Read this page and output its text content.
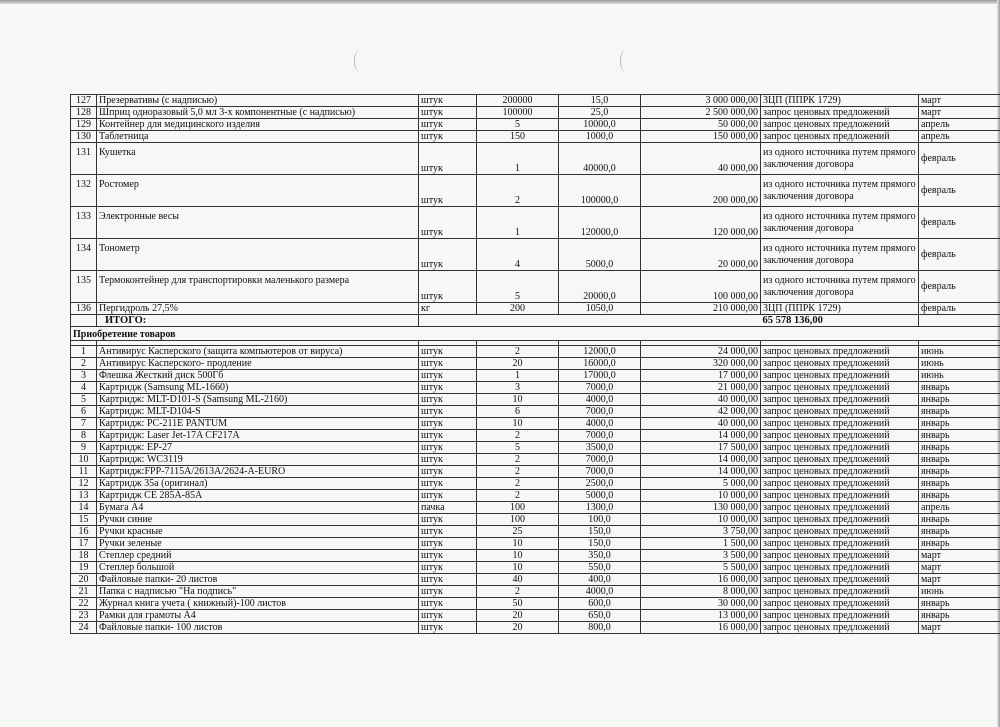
127	Презервативы (с надписью)	штук	200000	15,0	3 000 000,00	ЗЦП (ППРК 1729)	март
128	Шприц одноразовый 5,0 мл 3-х компонентные (с надписью)	штук	100000	25,0	2 500 000,00	запрос ценовых предложений	март
129	Контейнер для медицинского изделия	штук	5	10000,0	50 000,00	запрос ценовых предложений	апрель
130	Таблетница	штук	150	1000,0	150 000,00	запрос ценовых предложений	апрель
131	Кушетка	штук	1	40000,0	40 000,00	из одного источника путем прямого заключения договора	февраль
132	Ростомер	штук	2	100000,0	200 000,00	из одного источника путем прямого заключения договора	февраль
133	Электронные весы	штук	1	120000,0	120 000,00	из одного источника путем прямого заключения договора	февраль
134	Тонометр	штук	4	5000,0	20 000,00	из одного источника путем прямого заключения договора	февраль
135	Термоконтейнер для транспортировки маленького размера	штук	5	20000,0	100 000,00	из одного источника путем прямого заключения договора	февраль
136	Пергидроль 27,5%	кг	200	1050,0	210 000,00	ЗЦП (ППРК 1729)	февраль
	ИТОГО:					65 578 136,00	
Приобретение товаров							

1	Антивирус Касперского (защита компьютеров от вируса)	штук	2	12000,0	24 000,00	запрос ценовых предложений	июнь
2	Антивирус Касперского- продление	штук	20	16000,0	320 000,00	запрос ценовых предложений	июнь
3	Флешка Жесткий диск 500Гб	штук	1	17000,0	17 000,00	запрос ценовых предложений	июнь
4	Картридж (Samsung ML-1660)	штук	3	7000,0	21 000,00	запрос ценовых предложений	январь
5	Картридж: MLT-D101-S (Samsung ML-2160)	штук	10	4000,0	40 000,00	запрос ценовых предложений	январь
6	Картридж: MLT-D104-S	штук	6	7000,0	42 000,00	запрос ценовых предложений	январь
7	Картридж: PC-211E PANTUM	штук	10	4000,0	40 000,00	запрос ценовых предложений	январь
8	Картридж: Laser Jet-17A CF217A	штук	2	7000,0	14 000,00	запрос ценовых предложений	январь
9	Картридж: EP-27	штук	5	3500,0	17 500,00	запрос ценовых предложений	январь
10	Картридж: WC3119	штук	2	7000,0	14 000,00	запрос ценовых предложений	январь
11	Картридж:FPP-7115A/2613A/2624-A-EURO	штук	2	7000,0	14 000,00	запрос ценовых предложений	январь
12	Картридж 35а (оригинал)	штук	2	2500,0	5 000,00	запрос ценовых предложений	январь
13	Картридж CE 285A-85A	штук	2	5000,0	10 000,00	запрос ценовых предложений	январь
14	Бумага А4	пачка	100	1300,0	130 000,00	запрос ценовых предложений	апрель
15	Ручки синие	штук	100	100,0	10 000,00	запрос ценовых предложений	январь
16	Ручки красные	штук	25	150,0	3 750,00	запрос ценовых предложений	январь
17	Ручки зеленые	штук	10	150,0	1 500,00	запрос ценовых предложений	январь
18	Степлер средний	штук	10	350,0	3 500,00	запрос ценовых предложений	март
19	Степлер большой	штук	10	550,0	5 500,00	запрос ценовых предложений	март
20	Файловые папки- 20 листов	штук	40	400,0	16 000,00	запрос ценовых предложений	март
21	Папка с надписью "На подпись"	штук	2	4000,0	8 000,00	запрос ценовых предложений	июнь
22	Журнал книга учета ( книжный)-100 листов	штук	50	600,0	30 000,00	запрос ценовых предложений	январь
23	Рамки для грамоты А4	штук	20	650,0	13 000,00	запрос ценовых предложений	январь
24	Файловые папки- 100 листов	штук	20	800,0	16 000,00	запрос ценовых предложений	март
